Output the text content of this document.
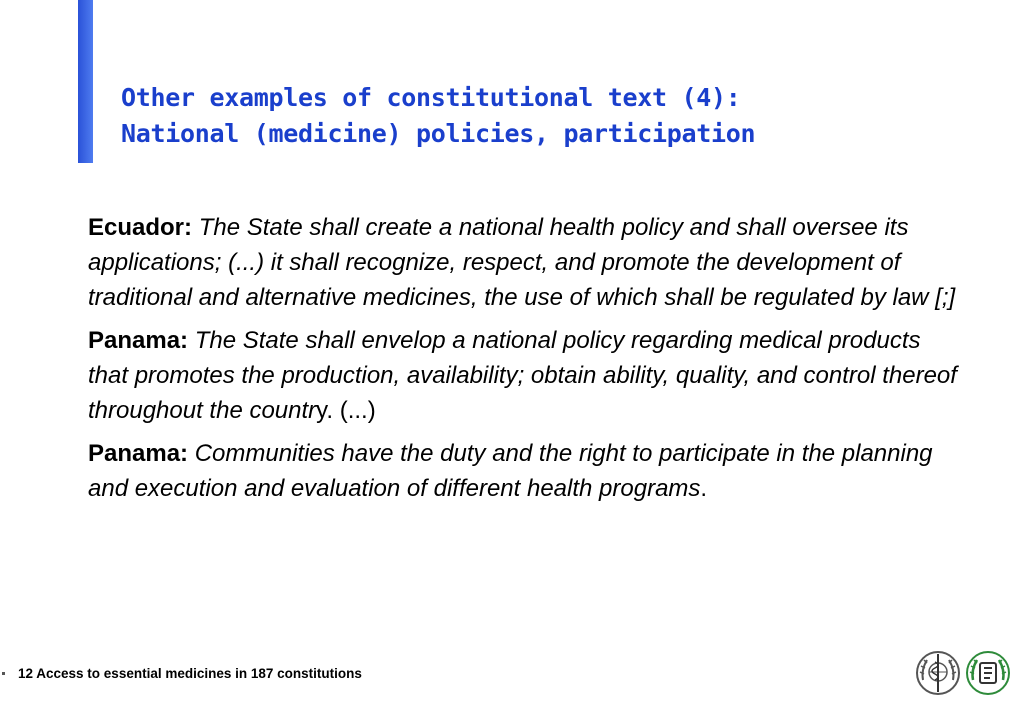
Other examples of constitutional text (4):
National (medicine) policies, participation

Ecuador: The State shall create a national health policy and shall oversee its applications; (...) it shall recognize, respect, and promote the development of traditional and alternative medicines, the use of which shall be regulated by law [;]

Panama: The State shall envelop a national policy regarding medical products that promotes the production, availability; obtain ability, quality, and control thereof throughout the country. (...)

Panama: Communities have the duty and the right to participate in the planning and execution and evaluation of different health programs.

12 Access to essential medicines in 187 constitutions
